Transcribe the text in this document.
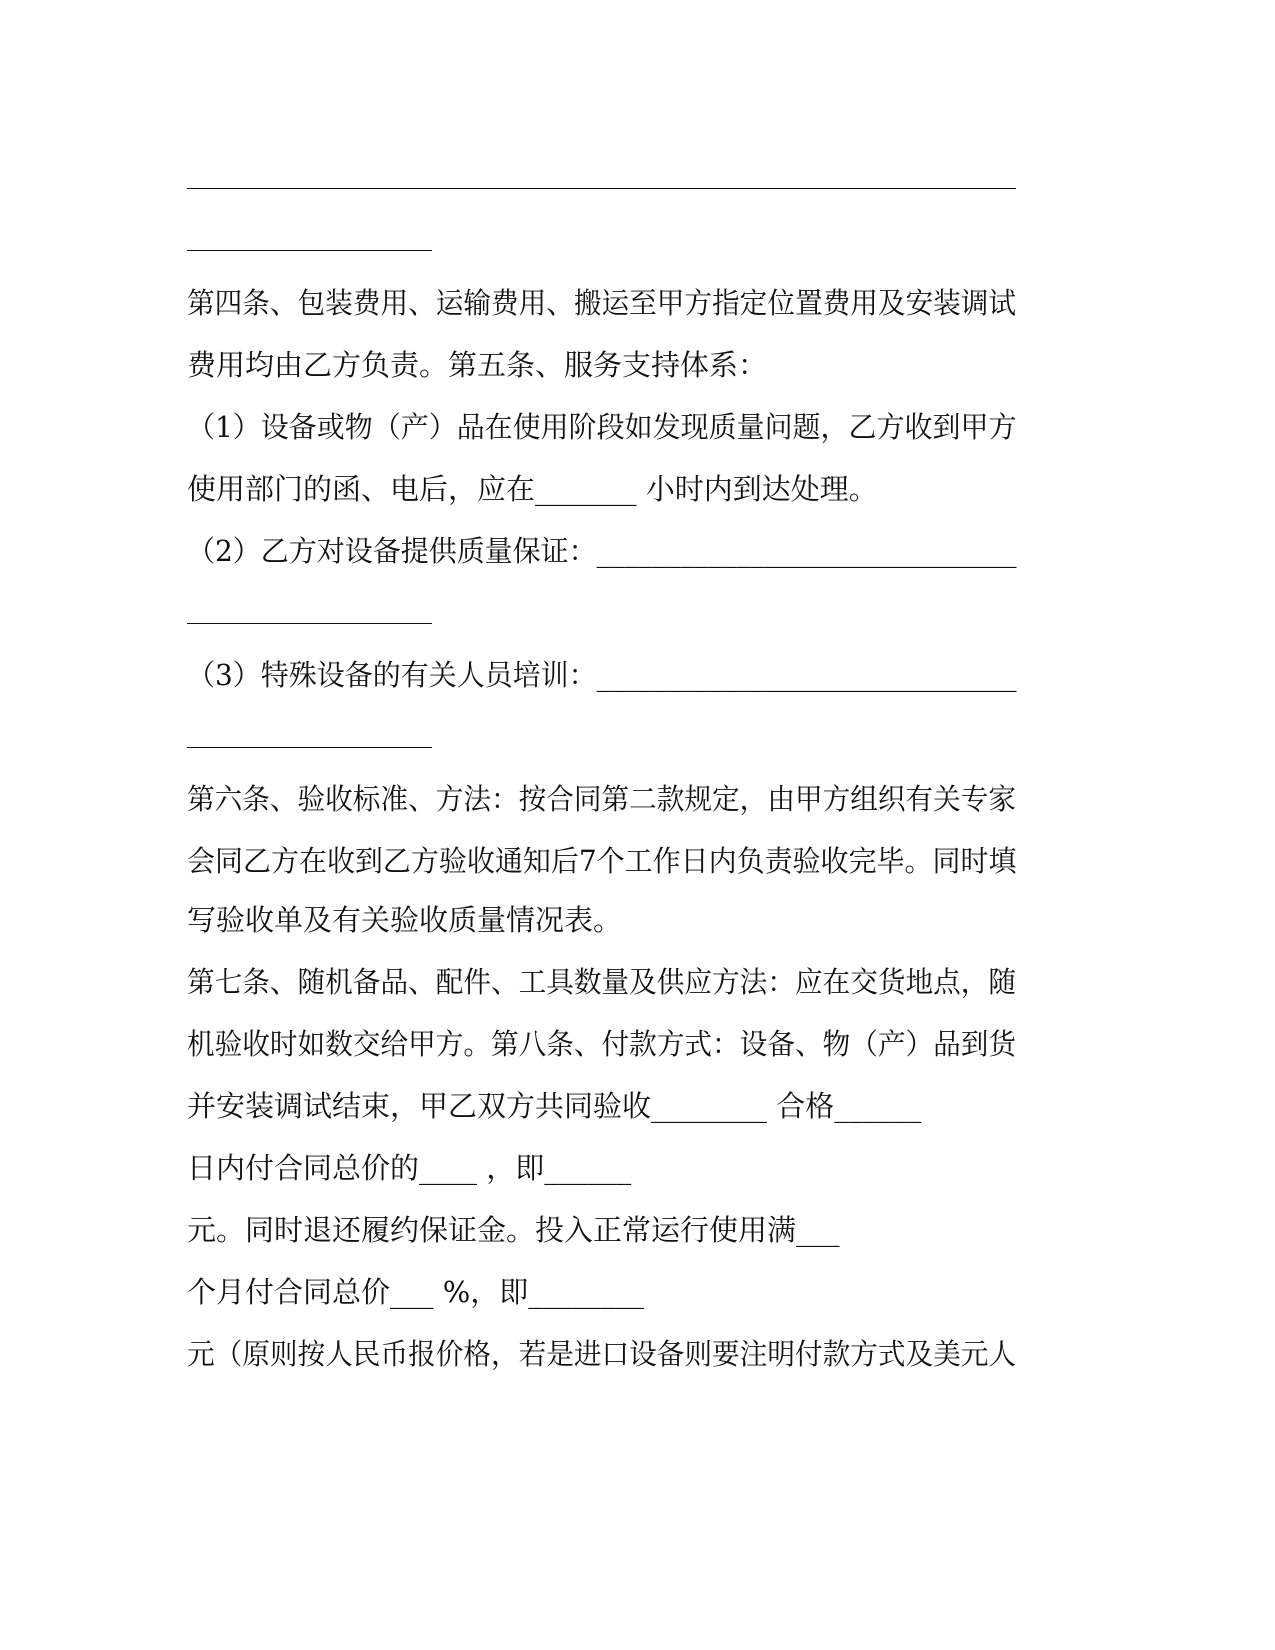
第四条、包装费用、运输费用、搬运至甲方指定位置费用及安装调试
费用均由乙方负责。第五条、服务支持体系：
（1）设备或物（产）品在使用阶段如发现质量问题，乙方收到甲方
使用部门的函、电后，应在_______ 小时内到达处理。
（2）乙方对设备提供质量保证：______________________________
（3）特殊设备的有关人员培训：______________________________
第六条、验收标准、方法：按合同第二款规定，由甲方组织有关专家
会同乙方在收到乙方验收通知后7个工作日内负责验收完毕。同时填
写验收单及有关验收质量情况表。
第七条、随机备品、配件、工具数量及供应方法：应在交货地点，随
机验收时如数交给甲方。第八条、付款方式：设备、物（产）品到货
并安装调试结束，甲乙双方共同验收________ 合格______
日内付合同总价的____ ，即______
元。同时退还履约保证金。投入正常运行使用满___
个月付合同总价___ %，即________
元（原则按人民币报价格，若是进口设备则要注明付款方式及美元人
